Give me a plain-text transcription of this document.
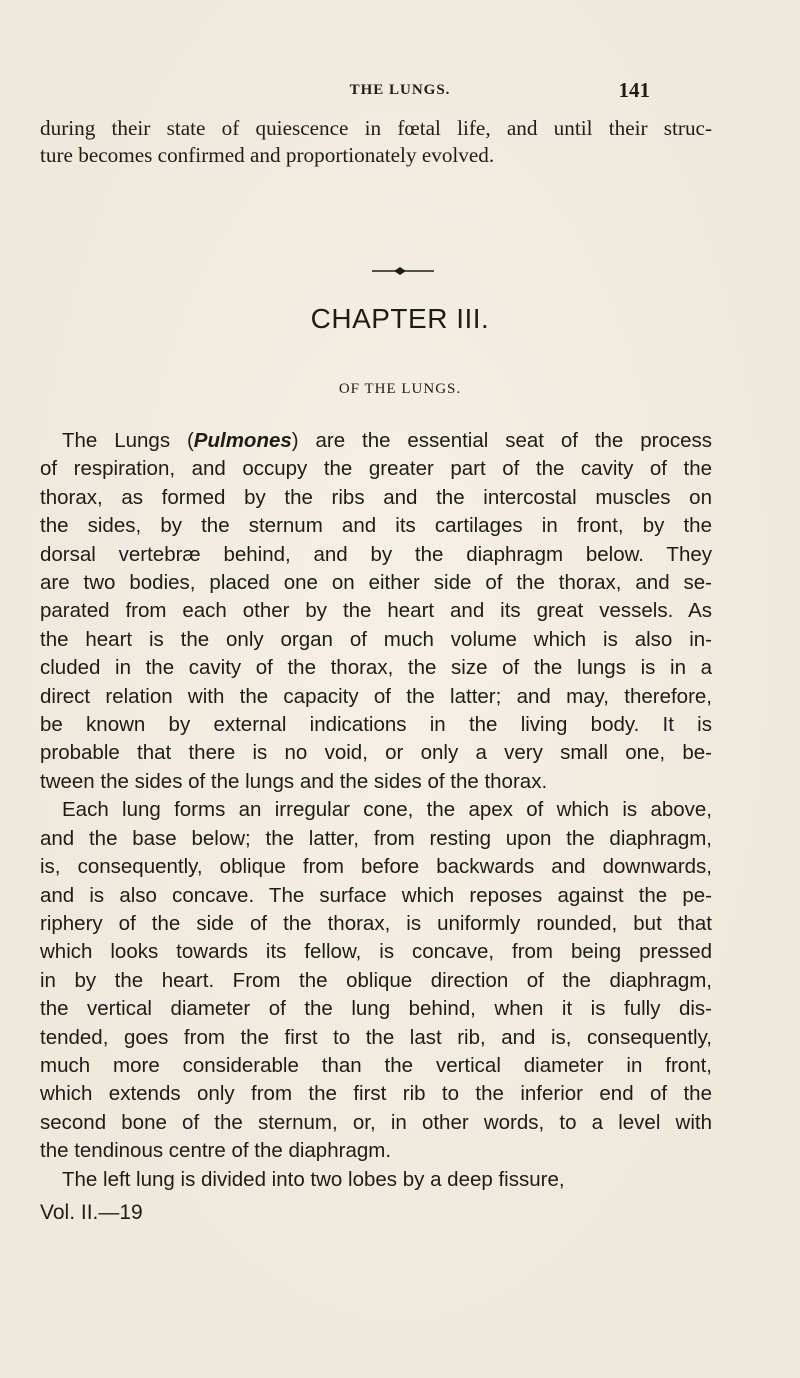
THE LUNGS.	141

during their state of quiescence in fœtal life, and until their struc-
ture becomes confirmed and proportionately evolved.

CHAPTER III.
OF THE LUNGS.

The Lungs (Pulmones) are the essential seat of the process
of respiration, and occupy the greater part of the cavity of the
thorax, as formed by the ribs and the intercostal muscles on
the sides, by the sternum and its cartilages in front, by the
dorsal vertebræ behind, and by the diaphragm below. They
are two bodies, placed one on either side of the thorax, and se-
parated from each other by the heart and its great vessels. As
the heart is the only organ of much volume which is also in-
cluded in the cavity of the thorax, the size of the lungs is in a
direct relation with the capacity of the latter; and may, therefore,
be known by external indications in the living body. It is
probable that there is no void, or only a very small one, be-
tween the sides of the lungs and the sides of the thorax.
Each lung forms an irregular cone, the apex of which is above,
and the base below; the latter, from resting upon the diaphragm,
is, consequently, oblique from before backwards and downwards,
and is also concave. The surface which reposes against the pe-
riphery of the side of the thorax, is uniformly rounded, but that
which looks towards its fellow, is concave, from being pressed
in by the heart. From the oblique direction of the diaphragm,
the vertical diameter of the lung behind, when it is fully dis-
tended, goes from the first to the last rib, and is, consequently,
much more considerable than the vertical diameter in front,
which extends only from the first rib to the inferior end of the
second bone of the sternum, or, in other words, to a level with
the tendinous centre of the diaphragm.
The left lung is divided into two lobes by a deep fissure,

Vol. II.—19
